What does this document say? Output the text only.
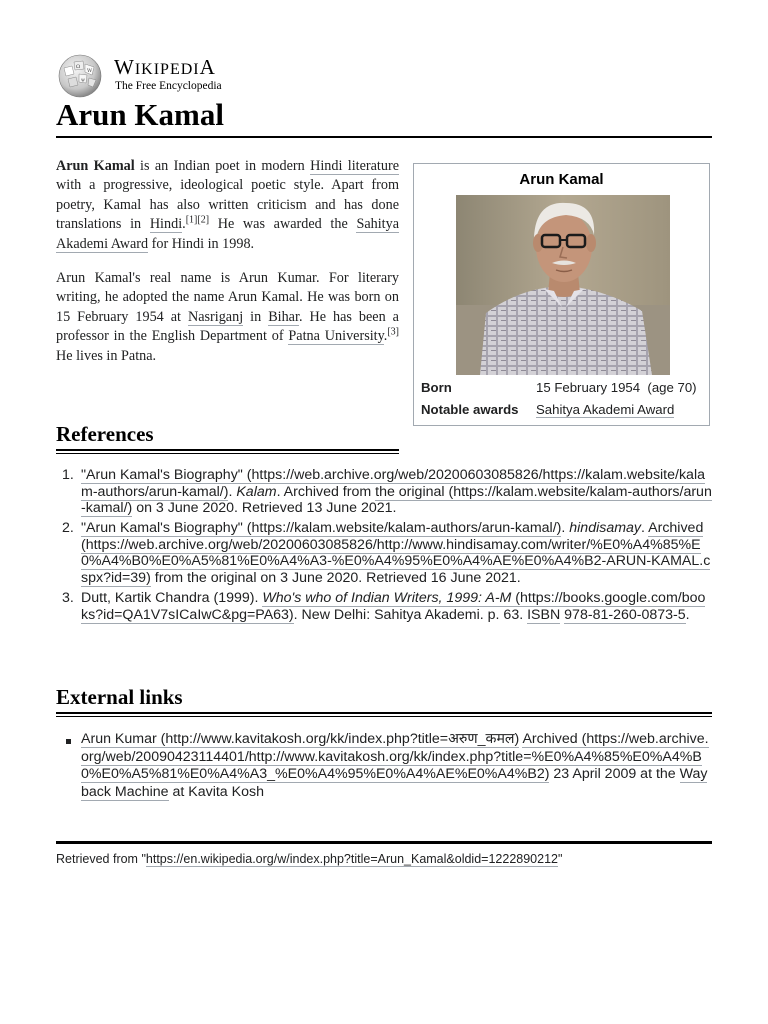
Ω
W
ψ
WIKIPEDIA
The Free Encyclopedia
Arun Kamal

Arun Kamal is an Indian poet in modern Hindi literature with a progressive, ideological poetic style. Apart from poetry, Kamal has also written criticism and has done translations in Hindi.[1][2] He was awarded the Sahitya Akademi Award for Hindi in 1998.

Arun Kamal's real name is Arun Kumar. For literary writing, he adopted the name Arun Kamal. He was born on 15 February 1954 at Nasriganj in Bihar. He has been a professor in the English Department of Patna University.[3] He lives in Patna.

Arun Kamal
Born	15 February 1954  (age 70)
Notable awards Sahitya Akademi Award
References
1. "Arun Kamal's Biography" (https://web.archive.org/web/20200603085826/https://kalam.website/kalam-authors/arun-kamal/). Kalam. Archived from the original (https://kalam.website/kalam-authors/arun-kamal/) on 3 June 2020. Retrieved 13 June 2021.
2. "Arun Kamal's Biography" (https://kalam.website/kalam-authors/arun-kamal/). hindisamay. Archived (https://web.archive.org/web/20200603085826/http://www.hindisamay.com/writer/%E0%A4%85%E0%A4%B0%E0%A5%81%E0%A4%A3-%E0%A4%95%E0%A4%AE%E0%A4%B2-ARUN-KAMAL.cspx?id=39) from the original on 3 June 2020. Retrieved 16 June 2021.
3. Dutt, Kartik Chandra (1999). Who's who of Indian Writers, 1999: A-M (https://books.google.com/books?id=QA1V7sICaIwC&pg=PA63). New Delhi: Sahitya Akademi. p. 63. ISBN 978-81-260-0873-5.
External links
Arun Kumar (http://www.kavitakosh.org/kk/index.php?title=अरुण_कमल) Archived (https://web.archive.org/web/20090423114401/http://www.kavitakosh.org/kk/index.php?title=%E0%A4%85%E0%A4%B0%E0%A5%81%E0%A4%A3_%E0%A4%95%E0%A4%AE%E0%A4%B2) 23 April 2009 at the Wayback Machine at Kavita Kosh
Retrieved from "https://en.wikipedia.org/w/index.php?title=Arun_Kamal&oldid=1222890212"
